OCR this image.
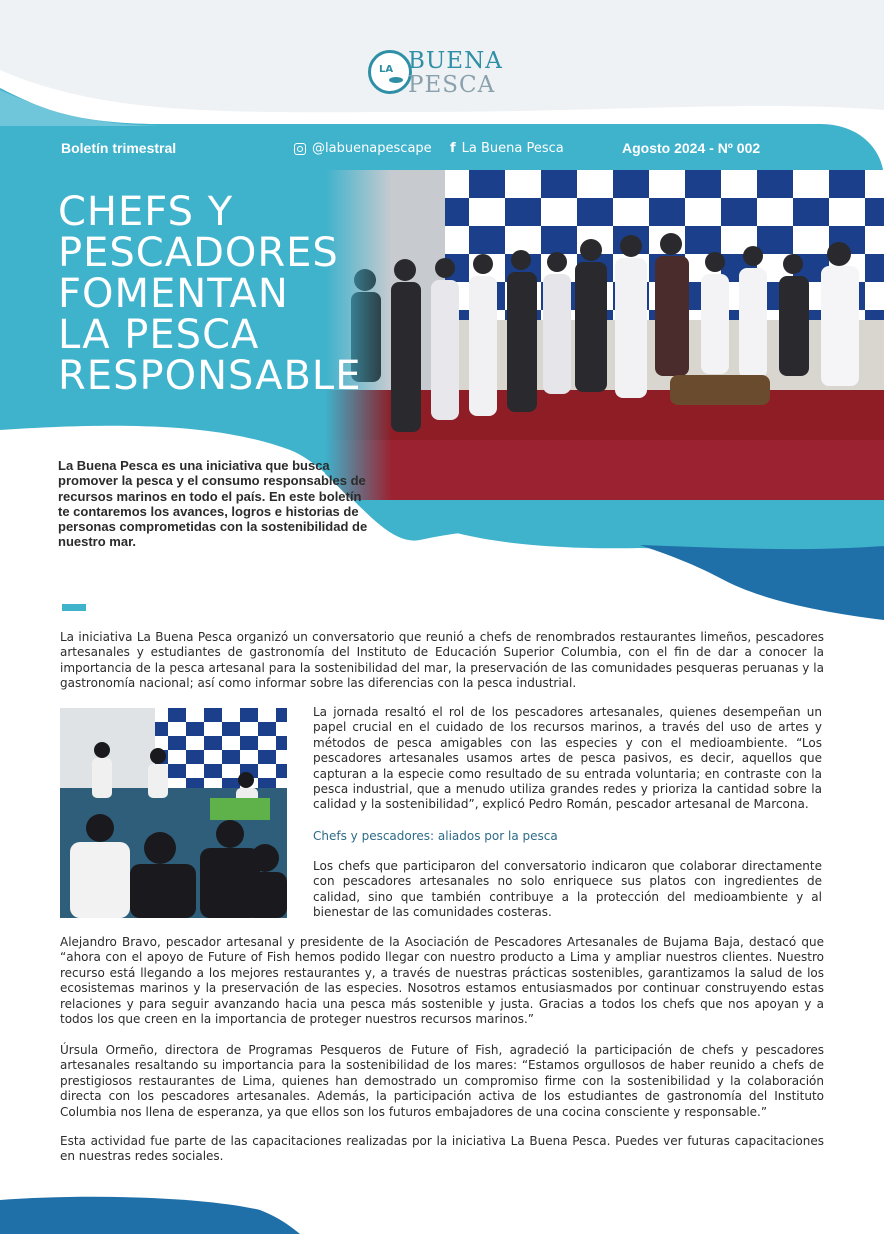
LA BUENA
PESCA
Boletín trimestral	@labuenapescape f La Buena Pesca	Agosto 2024 - Nº 002
CHEFS Y
PESCADORES
FOMENTAN
LA PESCA
RESPONSABLE
La Buena Pesca es una iniciativa que busca promover la pesca y el consumo responsables de recursos marinos en todo el país. En este boletín te contaremos los avances, logros e historias de personas comprometidas con la sostenibilidad de nuestro mar.
La iniciativa La Buena Pesca organizó un conversatorio que reunió a chefs de renombrados restaurantes limeños, pescadores artesanales y estudiantes de gastronomía del Instituto de Educación Superior Columbia, con el fin de dar a conocer la importancia de la pesca artesanal para la sostenibilidad del mar, la preservación de las comunidades pesqueras peruanas y la gastronomía nacional; así como informar sobre las diferencias con la pesca industrial.
La jornada resaltó el rol de los pescadores artesanales, quienes desempeñan un papel crucial en el cuidado de los recursos marinos, a través del uso de artes y métodos de pesca amigables con las especies y con el medioambiente. “Los pescadores artesanales usamos artes de pesca pasivos, es decir, aquellos que capturan a la especie como resultado de su entrada voluntaria; en contraste con la pesca industrial, que a menudo utiliza grandes redes y prioriza la cantidad sobre la calidad y la sostenibilidad”, explicó Pedro Román, pescador artesanal de Marcona.
Chefs y pescadores: aliados por la pesca
Los chefs que participaron del conversatorio indicaron que colaborar directamente con pescadores artesanales no solo enriquece sus platos con ingredientes de calidad, sino que también contribuye a la protección del medioambiente y al bienestar de las comunidades costeras.
Alejandro Bravo, pescador artesanal y presidente de la Asociación de Pescadores Artesanales de Bujama Baja, destacó que “ahora con el apoyo de Future of Fish hemos podido llegar con nuestro producto a Lima y ampliar nuestros clientes. Nuestro recurso está llegando a los mejores restaurantes y, a través de nuestras prácticas sostenibles, garantizamos la salud de los ecosistemas marinos y la preservación de las especies. Nosotros estamos entusiasmados por continuar construyendo estas relaciones y para seguir avanzando hacia una pesca más sostenible y justa. Gracias a todos los chefs que nos apoyan y a todos los que creen en la importancia de proteger nuestros recursos marinos.”
Úrsula Ormeño, directora de Programas Pesqueros de Future of Fish, agradeció la participación de chefs y pescadores artesanales resaltando su importancia para la sostenibilidad de los mares: “Estamos orgullosos de haber reunido a chefs de prestigiosos restaurantes de Lima, quienes han demostrado un compromiso firme con la sostenibilidad y la colaboración directa con los pescadores artesanales. Además, la participación activa de los estudiantes de gastronomía del Instituto Columbia nos llena de esperanza, ya que ellos son los futuros embajadores de una cocina consciente y responsable.”
Esta actividad fue parte de las capacitaciones realizadas por la iniciativa La Buena Pesca. Puedes ver futuras capacitaciones en nuestras redes sociales.
